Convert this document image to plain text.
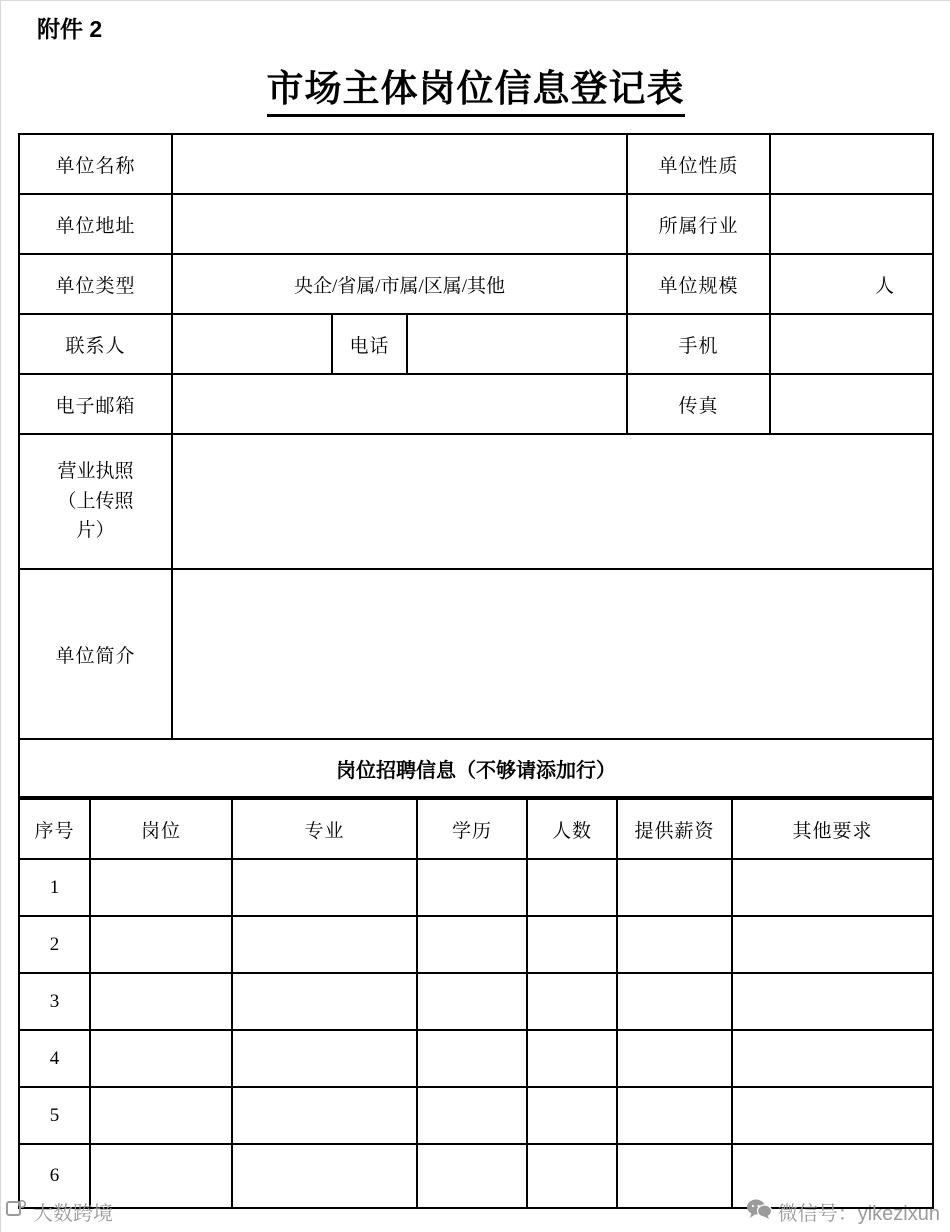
附件 2
市场主体岗位信息登记表
单位名称				单位性质	
单位地址				所属行业	
单位类型	央企/省属/市属/区属/其他			单位规模	人
联系人		电话		手机	
电子邮箱				传真	

营业执照
（上传照
片）					

单位简介					
岗位招聘信息（不够请添加行）					
序号	岗位	专业	学历	人数	提供薪资	其他要求
1						
2						
3						
4						
5						
6						
大数跨境	微信号：yikezixun
